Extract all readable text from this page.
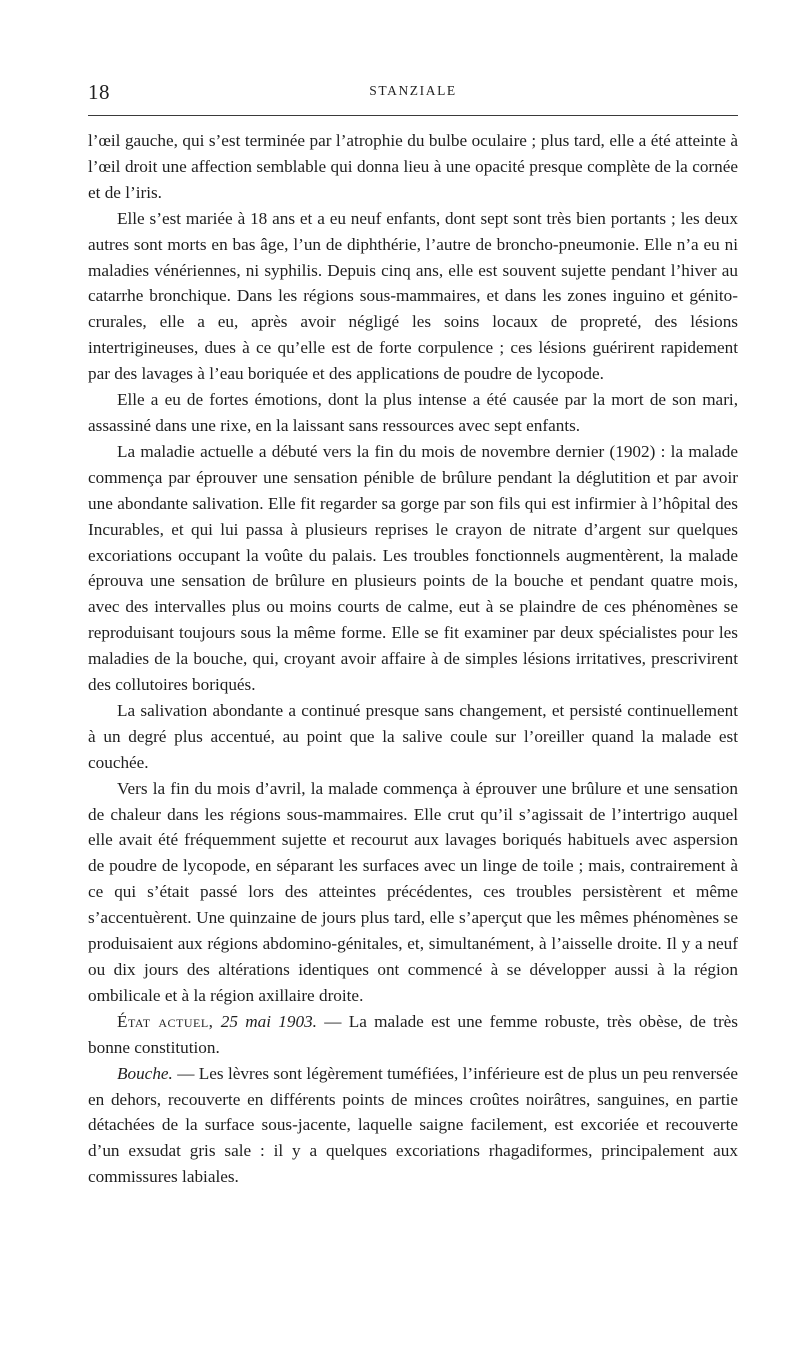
18	STANZIALE

l’œil gauche, qui s’est terminée par l’atrophie du bulbe oculaire ; plus tard, elle a été atteinte à l’œil droit une affection semblable qui donna lieu à une opacité presque complète de la cornée et de l’iris.

Elle s’est mariée à 18 ans et a eu neuf enfants, dont sept sont très bien portants ; les deux autres sont morts en bas âge, l’un de diphthérie, l’autre de broncho-pneumonie. Elle n’a eu ni maladies vénériennes, ni syphilis. Depuis cinq ans, elle est souvent sujette pendant l’hiver au catarrhe bronchique. Dans les régions sous-mammaires, et dans les zones inguino et génito-crurales, elle a eu, après avoir négligé les soins locaux de propreté, des lésions intertrigineuses, dues à ce qu’elle est de forte corpulence ; ces lésions guérirent rapidement par des lavages à l’eau boriquée et des applications de poudre de lycopode.

Elle a eu de fortes émotions, dont la plus intense a été causée par la mort de son mari, assassiné dans une rixe, en la laissant sans ressources avec sept enfants.

La maladie actuelle a débuté vers la fin du mois de novembre dernier (1902) : la malade commença par éprouver une sensation pénible de brûlure pendant la déglutition et par avoir une abondante salivation. Elle fit regarder sa gorge par son fils qui est infirmier à l’hôpital des Incurables, et qui lui passa à plusieurs reprises le crayon de nitrate d’argent sur quelques excoriations occupant la voûte du palais. Les troubles fonctionnels augmentèrent, la malade éprouva une sensation de brûlure en plusieurs points de la bouche et pendant quatre mois, avec des intervalles plus ou moins courts de calme, eut à se plaindre de ces phénomènes se reproduisant toujours sous la même forme. Elle se fit examiner par deux spécialistes pour les maladies de la bouche, qui, croyant avoir affaire à de simples lésions irritatives, prescrivirent des collutoires boriqués.

La salivation abondante a continué presque sans changement, et persisté continuellement à un degré plus accentué, au point que la salive coule sur l’oreiller quand la malade est couchée.

Vers la fin du mois d’avril, la malade commença à éprouver une brûlure et une sensation de chaleur dans les régions sous-mammaires. Elle crut qu’il s’agissait de l’intertrigo auquel elle avait été fréquemment sujette et recourut aux lavages boriqués habituels avec aspersion de poudre de lycopode, en séparant les surfaces avec un linge de toile ; mais, contrairement à ce qui s’était passé lors des atteintes précédentes, ces troubles persistèrent et même s’accentuèrent. Une quinzaine de jours plus tard, elle s’aperçut que les mêmes phénomènes se produisaient aux régions abdomino-génitales, et, simultanément, à l’aisselle droite. Il y a neuf ou dix jours des altérations identiques ont commencé à se développer aussi à la région ombilicale et à la région axillaire droite.

État actuel, 25 mai 1903. — La malade est une femme robuste, très obèse, de très bonne constitution.

Bouche. — Les lèvres sont légèrement tuméfiées, l’inférieure est de plus un peu renversée en dehors, recouverte en différents points de minces croûtes noirâtres, sanguines, en partie détachées de la surface sous-jacente, laquelle saigne facilement, est excoriée et recouverte d’un exsudat gris sale : il y a quelques excoriations rhagadiformes, principalement aux commissures labiales.
